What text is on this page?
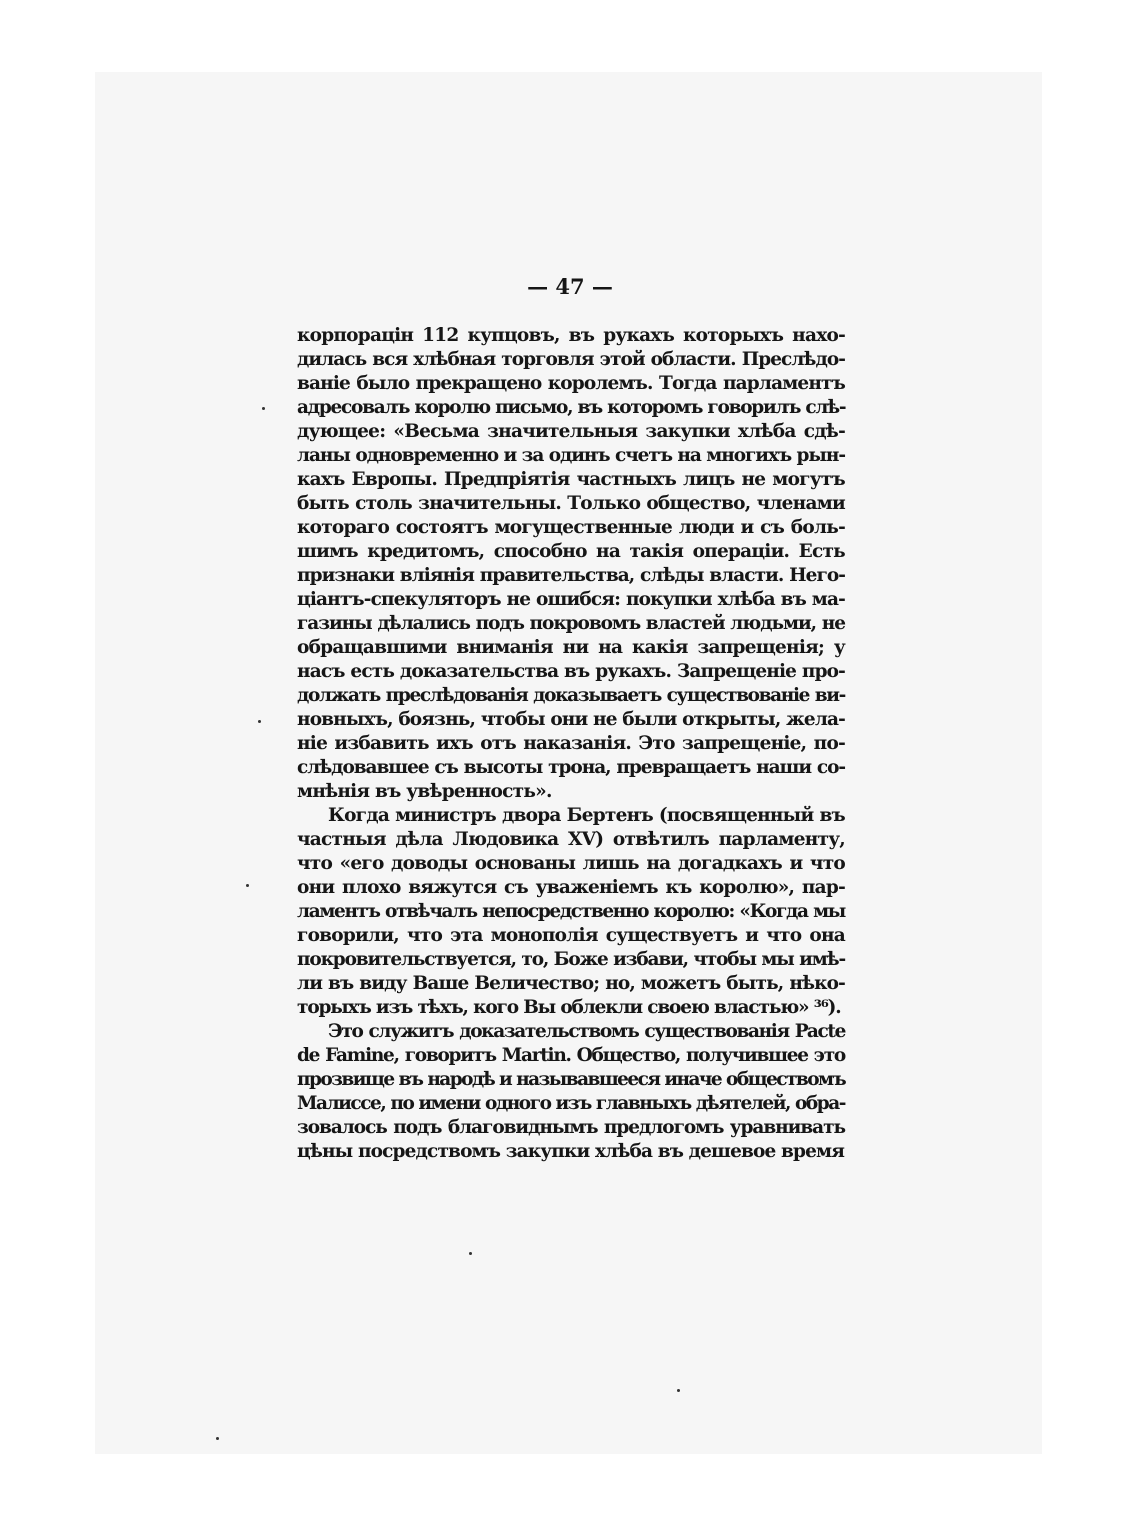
— 47 —
корпорацін 112 купцовъ, въ рукахъ которыхъ нахо-
дилась вся хлѣбная торговля этой области. Преслѣдо-
ваніе было прекращено королемъ. Тогда парламентъ
адресовалъ королю письмо, въ которомъ говорилъ слѣ-
дующее: «Весьма значительныя закупки хлѣба сдѣ-
ланы одновременно и за одинъ счетъ на многихъ рын-
кахъ Европы. Предпріятія частныхъ лицъ не могутъ
быть столь значительны. Только общество, членами
котораго состоятъ могущественные люди и съ боль-
шимъ кредитомъ, способно на такія операціи. Есть
признаки вліянія правительства, слѣды власти. Него-
ціантъ-спекуляторъ не ошибся: покупки хлѣба въ ма-
газины дѣлались подъ покровомъ властей людьми, не
обращавшими вниманія ни на какія запрещенія; у
насъ есть доказательства въ рукахъ. Запрещеніе про-
должать преслѣдованія доказываетъ существованіе ви-
новныхъ, боязнь, чтобы они не были открыты, жела-
ніе избавить ихъ отъ наказанія. Это запрещеніе, по-
слѣдовавшее съ высоты трона, превращаетъ наши со-
мнѣнія въ увѣренность».
Когда министръ двора Бертенъ (посвященный въ
частныя дѣла Людовика XV) отвѣтилъ парламенту,
что «его доводы основаны лишь на догадкахъ и что
они плохо вяжутся съ уваженіемъ къ королю», пар-
ламентъ отвѣчалъ непосредственно королю: «Когда мы
говорили, что эта монополія существуетъ и что она
покровительствуется, то, Боже избави, чтобы мы имѣ-
ли въ виду Ваше Величество; но, можетъ быть, нѣко-
торыхъ изъ тѣхъ, кого Вы облекли своею властью» ³⁶).
Это служитъ доказательствомъ существованія Pacte
de Famine, говоритъ Martin. Общество, получившее это
прозвище въ народѣ и называвшееся иначе обществомъ
Малиссе, по имени одного изъ главныхъ дѣятелей, обра-
зовалось подъ благовиднымъ предлогомъ уравнивать
цѣны посредствомъ закупки хлѣба въ дешевое время
